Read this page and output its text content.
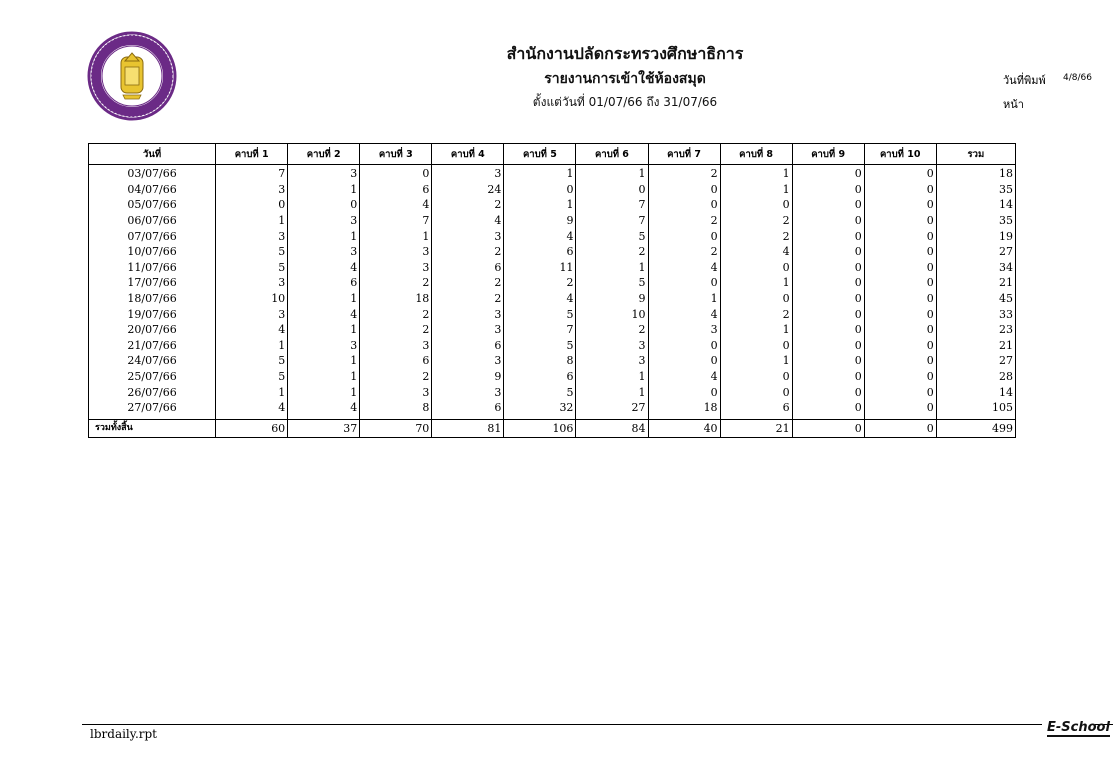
สำนักงานปลัดกระทรวงศึกษาธิการ
รายงานการเข้าใช้ห้องสมุด
ตั้งแต่วันที่ 01/07/66 ถึง 31/07/66
วันที่พิมพ์ 4/8/66
หน้า
วันที่	คาบที่ 1	คาบที่ 2	คาบที่ 3	คาบที่ 4	คาบที่ 5	คาบที่ 6	คาบที่ 7	คาบที่ 8	คาบที่ 9	คาบที่ 10	รวม
03/07/66	7	3	0	3	1	1	2	1	0	0	18
04/07/66	3	1	6	24	0	0	0	1	0	0	35
05/07/66	0	0	4	2	1	7	0	0	0	0	14
06/07/66	1	3	7	4	9	7	2	2	0	0	35
07/07/66	3	1	1	3	4	5	0	2	0	0	19
10/07/66	5	3	3	2	6	2	2	4	0	0	27
11/07/66	5	4	3	6	11	1	4	0	0	0	34
17/07/66	3	6	2	2	2	5	0	1	0	0	21
18/07/66	10	1	18	2	4	9	1	0	0	0	45
19/07/66	3	4	2	3	5	10	4	2	0	0	33
20/07/66	4	1	2	3	7	2	3	1	0	0	23
21/07/66	1	3	3	6	5	3	0	0	0	0	21
24/07/66	5	1	6	3	8	3	0	1	0	0	27
25/07/66	5	1	2	9	6	1	4	0	0	0	28
26/07/66	1	1	3	3	5	1	0	0	0	0	14
27/07/66	4	4	8	6	32	27	18	6	0	0	105

รวมทั้งสิ้น	60	37	70	81	106	84	40	21	0	0	499
lbrdaily.rpt	E-School
